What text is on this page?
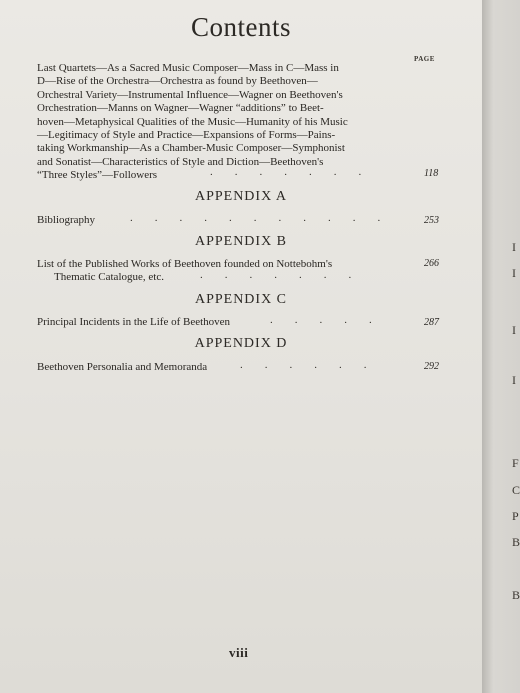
Contents
PAGE
Last Quartets—As a Sacred Music Composer—Mass in C—Mass in
D—Rise of the Orchestra—Orchestra as found by Beethoven—
Orchestral Variety—Instrumental Influence—Wagner on Beethoven's
Orchestration—Manns on Wagner—Wagner “additions” to Beet-
hoven—Metaphysical Qualities of the Music—Humanity of his Music
—Legitimacy of Style and Practice—Expansions of Forms—Pains-
taking Workmanship—As a Chamber-Music Composer—Symphonist
and Sonatist—Characteristics of Style and Diction—Beethoven's
“Three Styles”—Followers	.......	118
APPENDIX A
Bibliography	........... 253
APPENDIX B
List of the Published Works of Beethoven founded on Nottebohm's
Thematic Catalogue, etc.	.......
266
APPENDIX C
Principal Incidents in the Life of Beethoven	.....	287
APPENDIX D
Beethoven Personalia and Memoranda	......	292
viii
I
I
I
I
F
C
P
B
B
